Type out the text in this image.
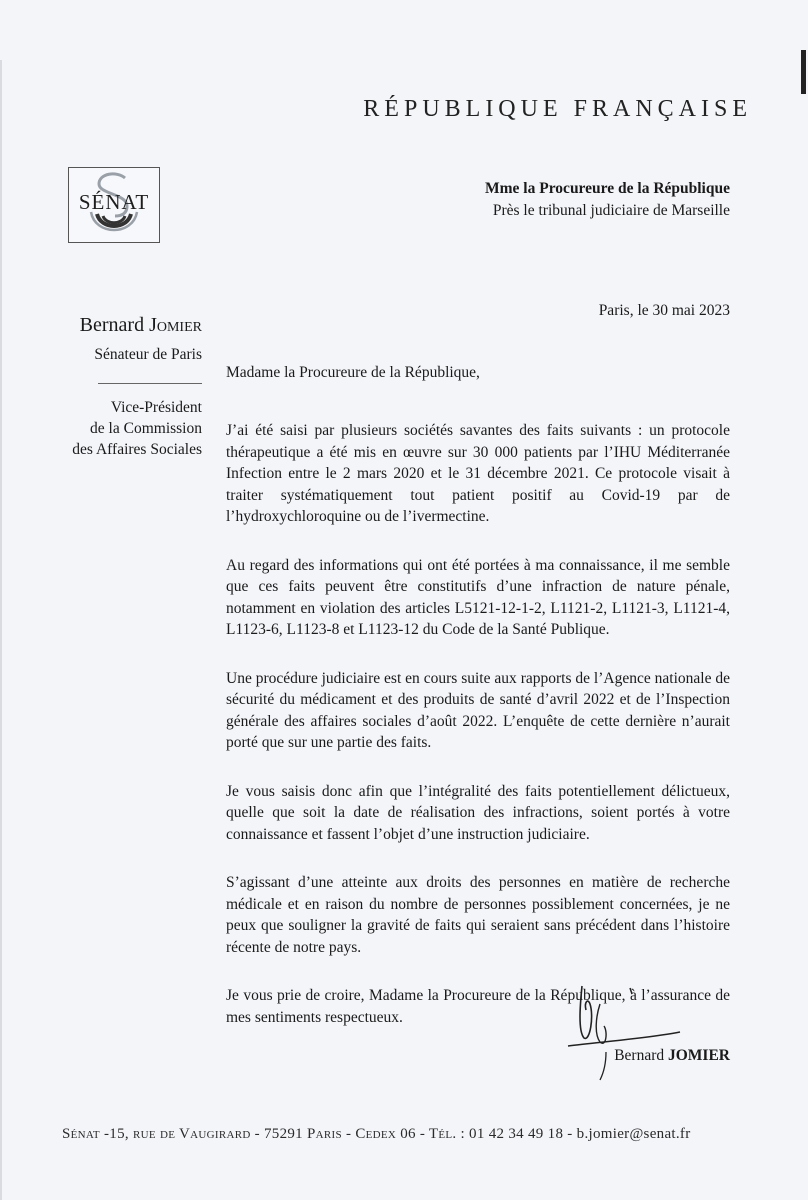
RÉPUBLIQUE FRANÇAISE
SÉNAT
Mme la Procureure de la République
Près le tribunal judiciaire de Marseille
Paris, le 30 mai 2023
Bernard Jomier
Sénateur de Paris
Vice-Président
de la Commission
des Affaires Sociales

Madame la Procureure de la République,

J’ai été saisi par plusieurs sociétés savantes des faits suivants : un protocole thérapeutique a été mis en œuvre sur 30 000 patients par l’IHU Méditerranée Infection entre le 2 mars 2020 et le 31 décembre 2021. Ce protocole visait à traiter systématiquement tout patient positif au Covid-19 par de l’hydroxychloroquine ou de l’ivermectine.

Au regard des informations qui ont été portées à ma connaissance, il me semble que ces faits peuvent être constitutifs d’une infraction de nature pénale, notamment en violation des articles L5121-12-1-2, L1121-2, L1121-3, L1121-4, L1123-6, L1123-8 et L1123-12 du Code de la Santé Publique.

Une procédure judiciaire est en cours suite aux rapports de l’Agence nationale de sécurité du médicament et des produits de santé d’avril 2022 et de l’Inspection générale des affaires sociales d’août 2022. L’enquête de cette dernière n’aurait porté que sur une partie des faits.

Je vous saisis donc afin que l’intégralité des faits potentiellement délictueux, quelle que soit la date de réalisation des infractions, soient portés à votre connaissance et fassent l’objet d’une instruction judiciaire.

S’agissant d’une atteinte aux droits des personnes en matière de recherche médicale et en raison du nombre de personnes possiblement concernées, je ne peux que souligner la gravité de faits qui seraient sans précédent dans l’histoire récente de notre pays.

Je vous prie de croire, Madame la Procureure de la République, à l’assurance de mes sentiments respectueux.

Bernard JOMIER
Sénat -15, rue de Vaugirard - 75291 Paris - Cedex 06 - Tél. : 01 42 34 49 18 - b.jomier@senat.fr
